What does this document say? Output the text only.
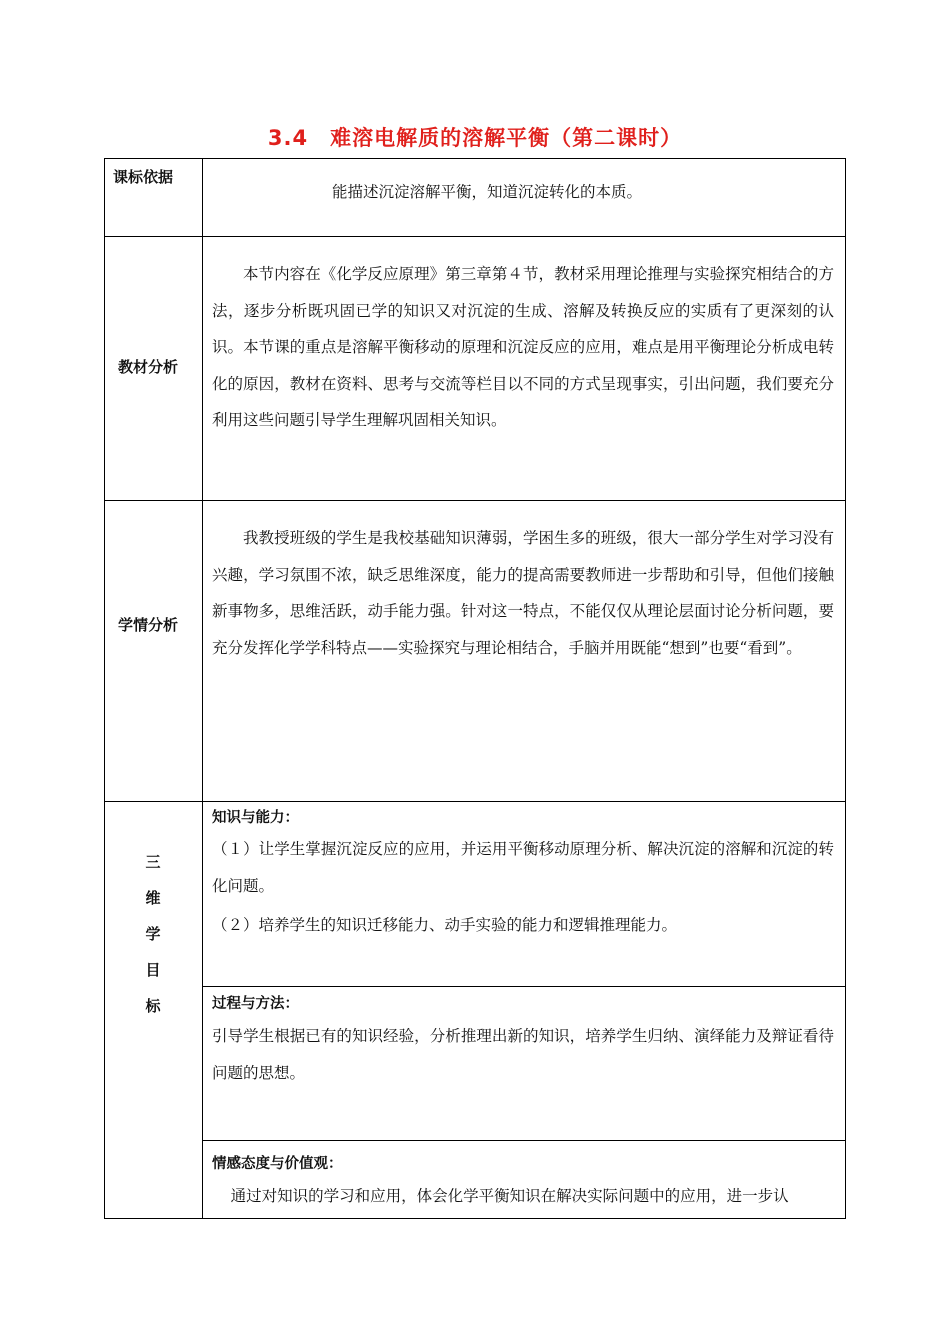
3.4　难溶电解质的溶解平衡（第二课时）
课标依据

能描述沉淀溶解平衡，知道沉淀转化的本质。

教材分析

本节内容在《化学反应原理》第三章第４节，教材采用理论推理与实验探究相结合的方法，逐步分析既巩固已学的知识又对沉淀的生成、溶解及转换反应的实质有了更深刻的认识。本节课的重点是溶解平衡移动的原理和沉淀反应的应用，难点是用平衡理论分析成电转化的原因，教材在资料、思考与交流等栏目以不同的方式呈现事实，引出问题，我们要充分利用这些问题引导学生理解巩固相关知识。

学情分析

我教授班级的学生是我校基础知识薄弱，学困生多的班级，很大一部分学生对学习没有兴趣，学习氛围不浓，缺乏思维深度，能力的提高需要教师进一步帮助和引导，但他们接触新事物多，思维活跃，动手能力强。针对这一特点，不能仅仅从理论层面讨论分析问题，要充分发挥化学学科特点——实验探究与理论相结合，手脑并用既能“想到”也要“看到”。

三
维
学
目
标
知识与能力：

（１）让学生掌握沉淀反应的应用，并运用平衡移动原理分析、解决沉淀的溶解和沉淀的转化问题。

（２）培养学生的知识迁移能力、动手实验的能力和逻辑推理能力。

过程与方法：

引导学生根据已有的知识经验，分析推理出新的知识，培养学生归纳、演绎能力及辩证看待问题的思想。

情感态度与价值观：

通过对知识的学习和应用，体会化学平衡知识在解决实际问题中的应用，进一步认
